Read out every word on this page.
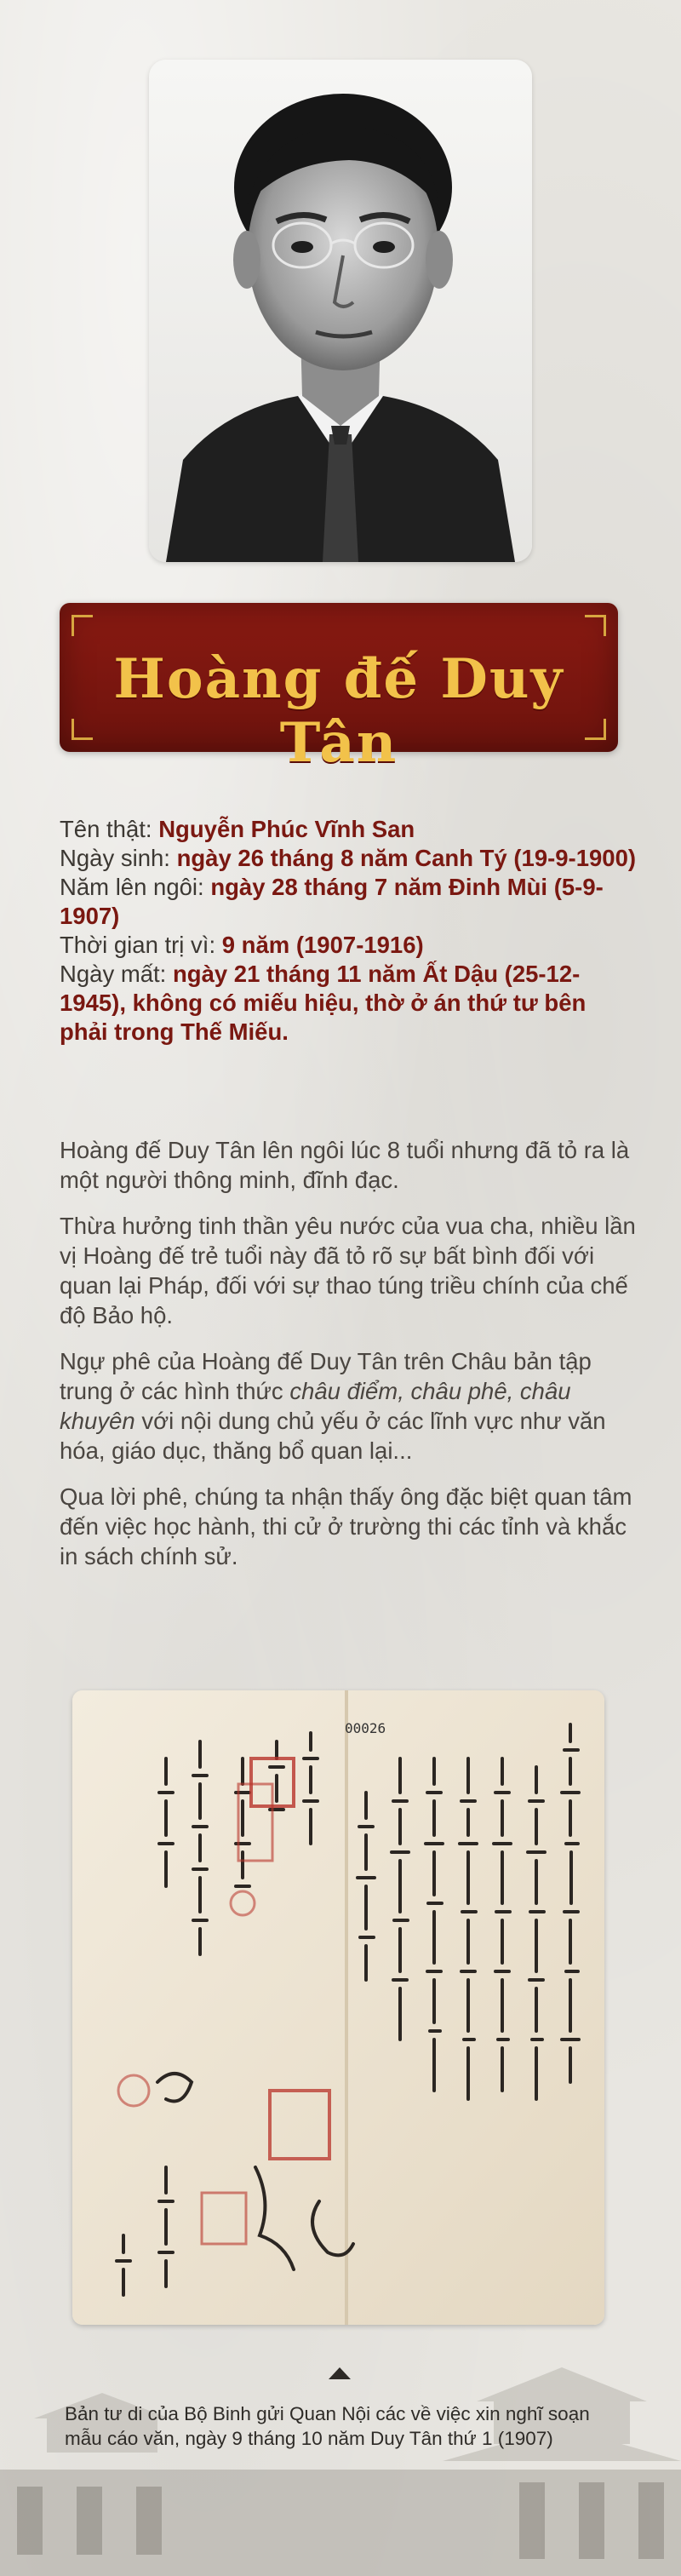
Hoàng đế Duy Tân

Tên thật: Nguyễn Phúc Vĩnh San

Ngày sinh: ngày 26 tháng 8 năm Canh Tý (19-9-1900)

Năm lên ngôi: ngày 28 tháng 7 năm Đinh Mùi (5-9-1907)

Thời gian trị vì: 9 năm (1907-1916)

Ngày mất: ngày 21 tháng 11 năm Ất Dậu (25-12-1945), không có miếu hiệu, thờ ở án thứ tư bên phải trong Thế Miếu.

Hoàng đế Duy Tân lên ngôi lúc 8 tuổi nhưng đã tỏ ra là một người thông minh, đĩnh đạc.

Thừa hưởng tinh thần yêu nước của vua cha, nhiều lần vị Hoàng đế trẻ tuổi này đã tỏ rõ sự bất bình đối với quan lại Pháp, đối với sự thao túng triều chính của chế độ Bảo hộ.

Ngự phê của Hoàng đế Duy Tân trên Châu bản tập trung ở các hình thức châu điểm, châu phê, châu khuyên với nội dung chủ yếu ở các lĩnh vực như văn hóa, giáo dục, thăng bổ quan lại...

Qua lời phê, chúng ta nhận thấy ông đặc biệt quan tâm đến việc học hành, thi cử ở trường thi các tỉnh và khắc in sách chính sử.

00026
Bản tư di của Bộ Binh gửi Quan Nội các về việc xin nghĩ soạn mẫu cáo văn, ngày 9 tháng 10 năm Duy Tân thứ 1 (1907)
